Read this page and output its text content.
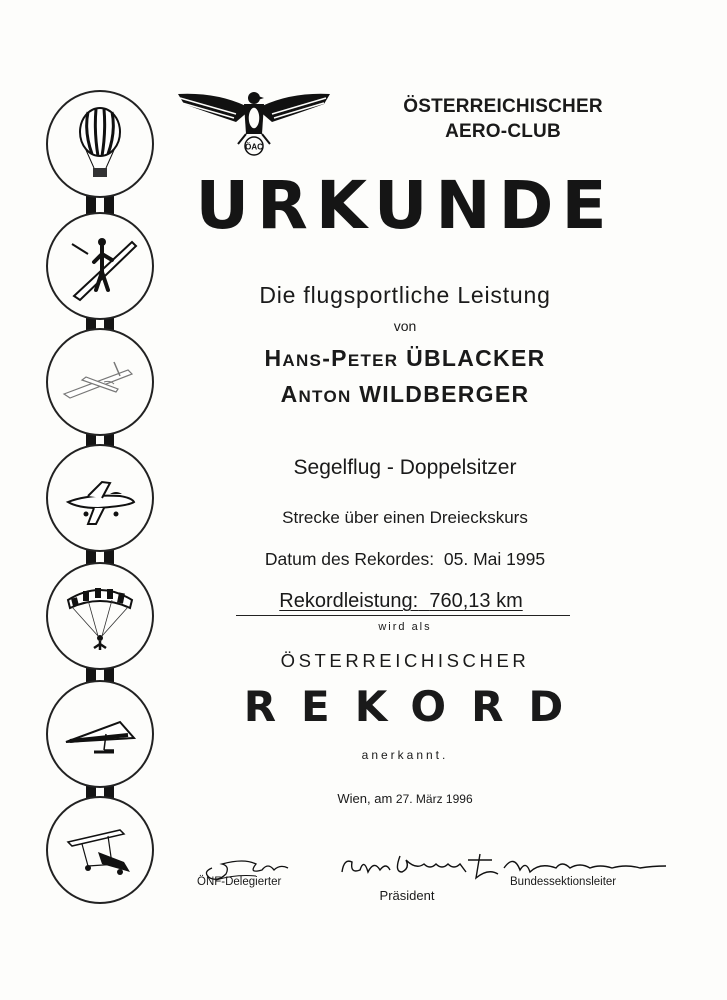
ÖAC
ÖSTERREICHISCHER
AERO-CLUB
URKUNDE
Die flugsportliche Leistung
von
HANS-PETER ÜBLACKER
ANTON WILDBERGER
Segelflug - Doppelsitzer
Strecke über einen Dreieckskurs
Datum des Rekordes: 05. Mai 1995
Rekordleistung: 760,13 km
wird als
ÖSTERREICHISCHER
REKORD
anerkannt.
Wien, am 27. März 1996
ÖNF-Delegierter
Präsident
Bundessektionsleiter
